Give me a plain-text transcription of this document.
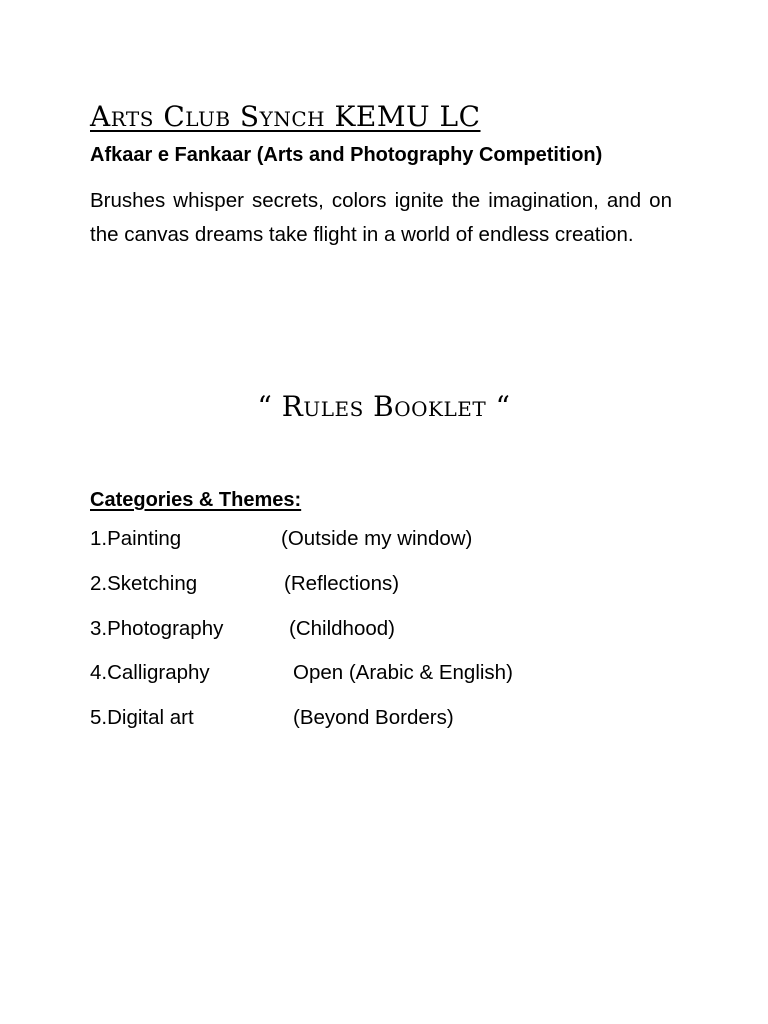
Arts Club Synch KEMU LC
Afkaar e Fankaar (Arts and Photography Competition)

Brushes whisper secrets, colors ignite the imagination, and on the canvas dreams take flight in a world of endless creation.

“ Rules Booklet “
Categories & Themes:
1.Painting	(Outside my window)
2.Sketching	(Reflections)
3.Photography	(Childhood)
4.Calligraphy	Open (Arabic & English)
5.Digital art	(Beyond Borders)
